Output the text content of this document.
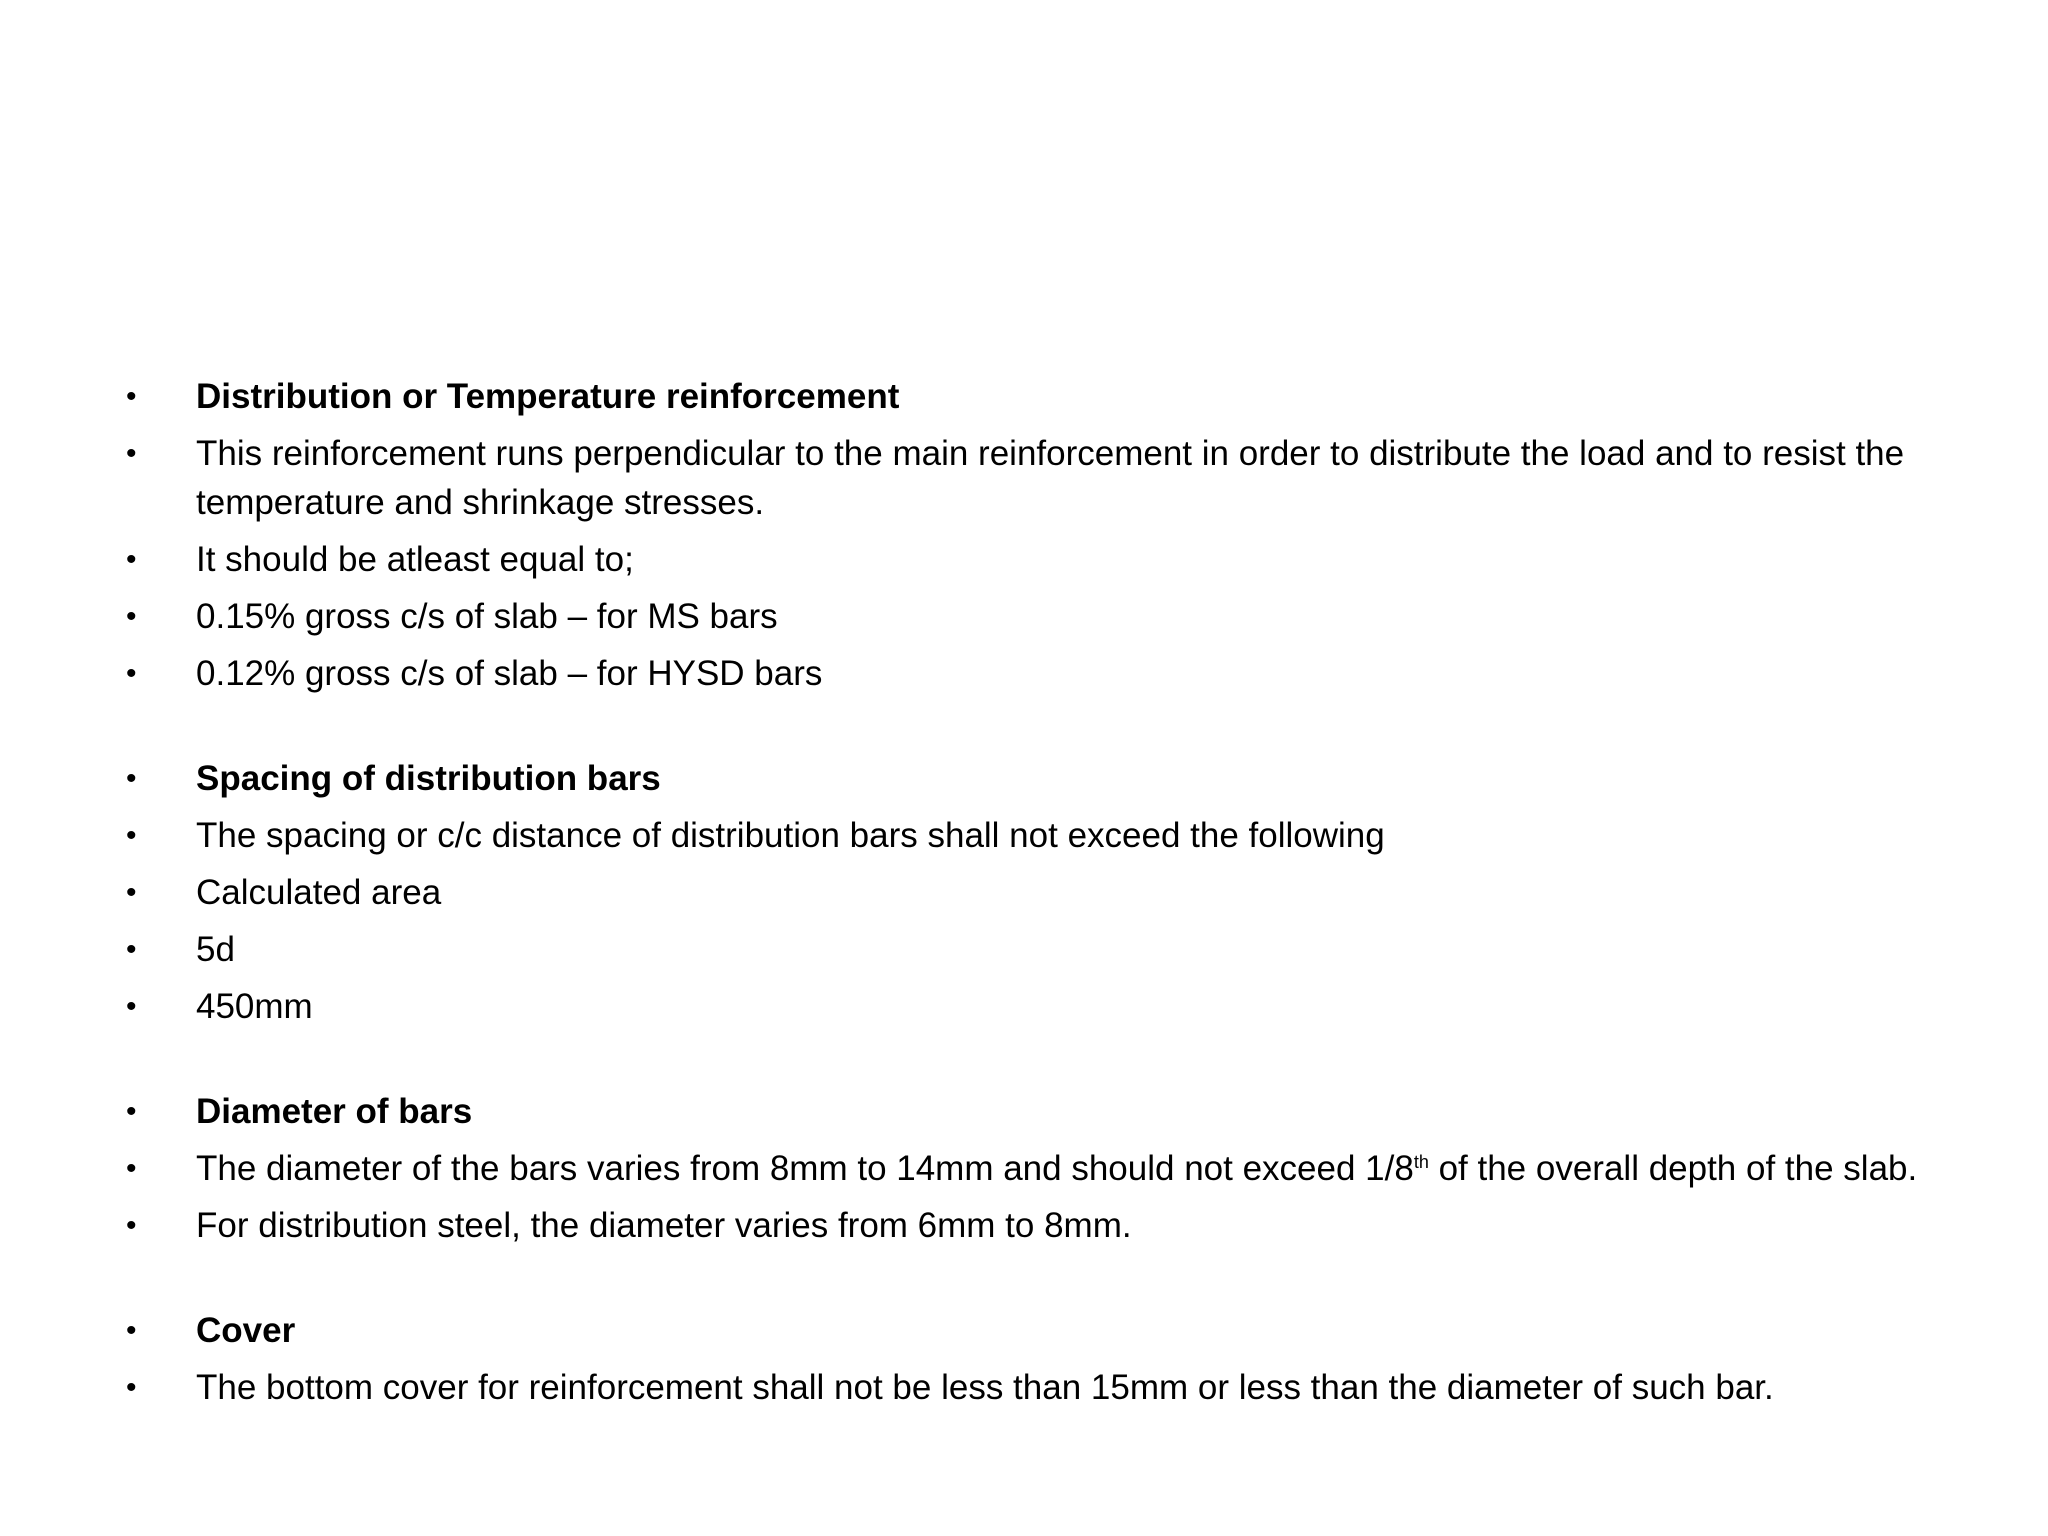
• Distribution or Temperature reinforcement
• This reinforcement runs perpendicular to the main reinforcement in order to distribute the load and to resist the temperature and shrinkage stresses.
• It should be atleast equal to;
• 0.15% gross c/s of slab – for MS bars
• 0.12% gross c/s of slab – for HYSD bars
• Spacing of distribution bars
• The spacing or c/c distance of distribution bars shall not exceed the following
• Calculated area
• 5d
• 450mm
• Diameter of bars
• The diameter of the bars varies from 8mm to 14mm and should not exceed 1/8th of the overall depth of the slab.
• For distribution steel, the diameter varies from 6mm to 8mm.
• Cover
• The bottom cover for reinforcement shall not be less than 15mm or less than the diameter of such bar.
